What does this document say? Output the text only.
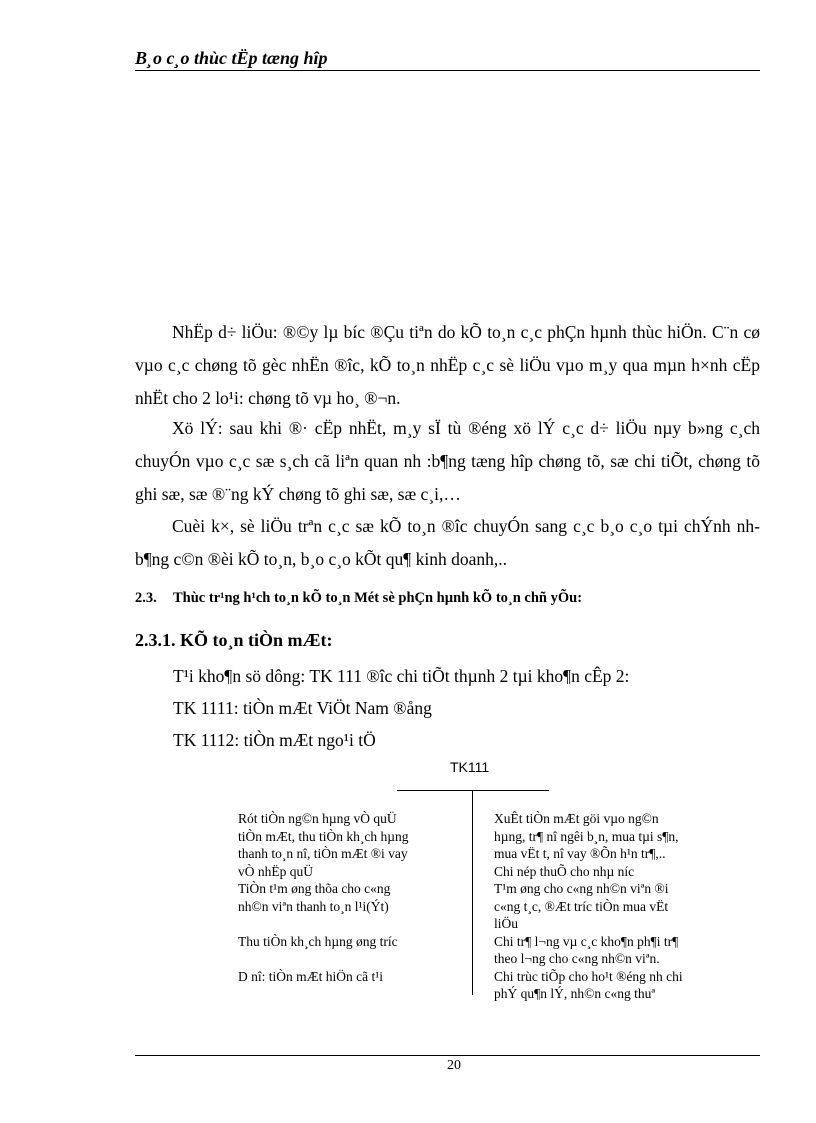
B¸o c¸o thùc tËp tæng hîp
NhËp d÷ liÖu: ®©y lµ bíc ®Çu tiªn do kÕ to¸n c¸c phÇn hµnh thùc hiÖn. C¨n cø vµo c¸c chøng tõ gèc nhËn ®îc, kÕ to¸n nhËp c¸c sè liÖu vµo m¸y qua mµn h×nh cËp nhËt cho 2 lo¹i: chøng tõ vµ ho¸ ®¬n.
Xö lÝ: sau khi ®· cËp nhËt, m¸y sÏ tù ®éng xö lÝ c¸c d÷ liÖu nµy b»ng c¸ch chuyÓn vµo c¸c sæ s¸ch cã liªn quan nh :b¶ng tæng hîp chøng tõ, sæ chi tiÕt, chøng tõ ghi sæ, sæ ®¨ng kÝ chøng tõ ghi sæ, sæ c¸i,…
Cuèi k×, sè liÖu trªn c¸c sæ kÕ to¸n ®îc chuyÓn sang c¸c b¸o c¸o tµi chÝnh nh b¶ng c©n ®èi kÕ to¸n, b¸o c¸o kÕt qu¶ kinh doanh,..
2.3. Thùc tr¹ng h¹ch to¸n kÕ to¸n Mét sè phÇn hµnh kÕ to¸n chñ yÕu:
2.3.1. KÕ to¸n tiÒn mÆt:
T¹i kho¶n sö dông: TK 111 ®îc chi tiÕt thµnh 2 tµi kho¶n cÊp 2:
TK 1111: tiÒn mÆt ViÖt Nam ®ång
TK 1112: tiÒn mÆt ngo¹i tÖ
TK111
Rót tiÒn ng©n hµng vÒ quÜ
tiÒn mÆt, thu tiÒn kh¸ch hµng
thanh to¸n nî, tiÒn mÆt ®i vay
vÒ nhËp quÜ
TiÒn t¹m øng thõa cho c«ng
nh©n viªn thanh to¸n l¹i(Ýt)
Thu tiÒn kh¸ch hµng øng tríc
D nî: tiÒn mÆt hiÖn cã t¹i
XuÊt tiÒn mÆt göi vµo ng©n
hµng, tr¶ nî ngêi b¸n, mua tµi s¶n,
mua vËt t, nî vay ®Õn h¹n tr¶,..
Chi nép thuÕ cho nhµ níc
T¹m øng cho c«ng nh©n viªn ®i
c«ng t¸c, ®Æt tríc tiÒn mua vËt
liÖu
Chi tr¶ l¬ng vµ c¸c kho¶n ph¶i tr¶
theo l¬ng cho c«ng nh©n viªn.
Chi trùc tiÕp cho ho¹t ®éng nh chi
phÝ qu¶n lÝ, nh©n c«ng thuª
20
